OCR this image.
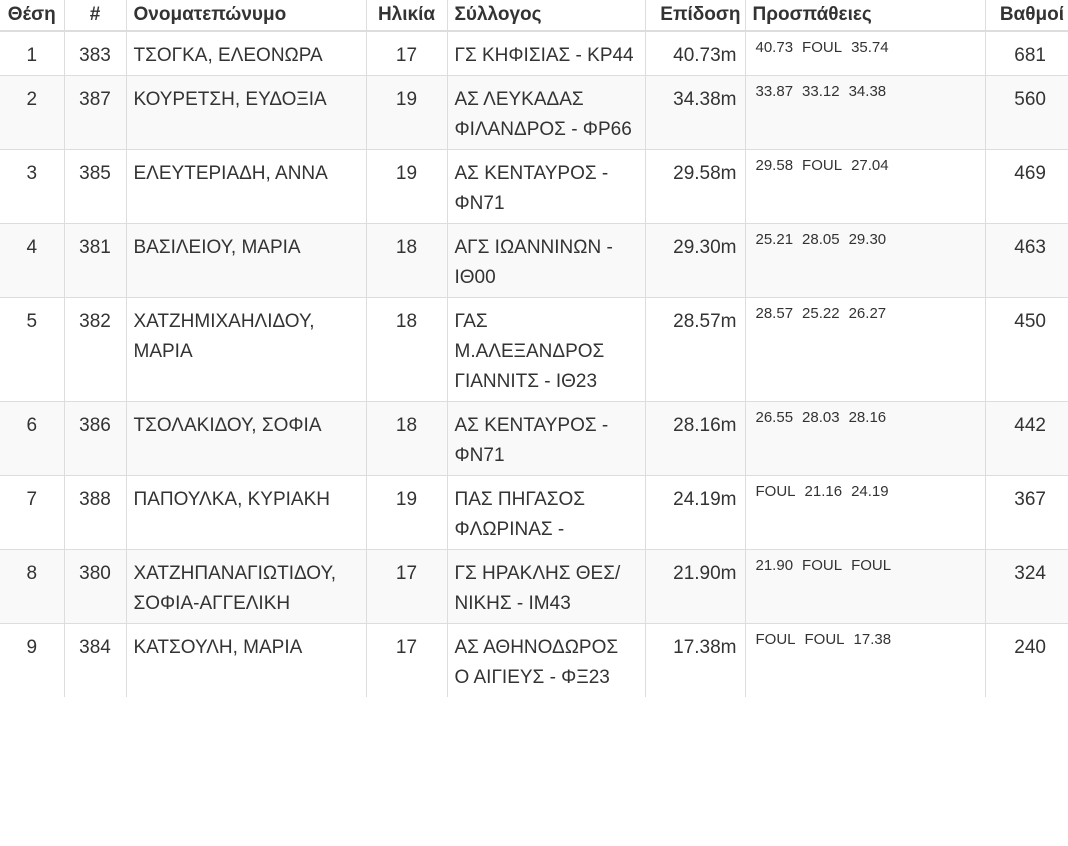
Θέση	#	Ονοματεπώνυμο	Ηλικία	Σύλλογος	Επίδοση	Προσπάθειες	Βαθμοί
1	383	ΤΣΟΓΚΑ, ΕΛΕΟΝΩΡΑ	17	ΓΣ ΚΗΦΙΣΙΑΣ - ΚΡ44	40.73m	40.73 FOUL 35.74	681
2	387	ΚΟΥΡΕΤΣΗ, ΕΥΔΟΞΙΑ	19	ΑΣ ΛΕΥΚΑΔΑΣ ΦΙΛΑΝΔΡΟΣ - ΦΡ66	34.38m	33.87 33.12 34.38	560
3	385	ΕΛΕΥΤΕΡΙΑΔΗ, ΑΝΝΑ	19	ΑΣ ΚΕΝΤΑΥΡΟΣ - ΦΝ71	29.58m	29.58 FOUL 27.04	469
4	381	ΒΑΣΙΛΕΙΟΥ, ΜΑΡΙΑ	18	ΑΓΣ ΙΩΑΝΝΙΝΩΝ - ΙΘ00	29.30m	25.21 28.05 29.30	463
5	382	ΧΑΤΖΗΜΙΧΑΗΛΙΔΟΥ, ΜΑΡΙΑ	18	ΓΑΣ Μ.ΑΛΕΞΑΝΔΡΟΣ ΓΙΑΝΝΙΤΣ - ΙΘ23	28.57m	28.57 25.22 26.27	450
6	386	ΤΣΟΛΑΚΙΔΟΥ, ΣΟΦΙΑ	18	ΑΣ ΚΕΝΤΑΥΡΟΣ - ΦΝ71	28.16m	26.55 28.03 28.16	442
7	388	ΠΑΠΟΥΛΚΑ, ΚΥΡΙΑΚΗ	19	ΠΑΣ ΠΗΓΑΣΟΣ ΦΛΩΡΙΝΑΣ -	24.19m	FOUL 21.16 24.19	367
8	380	ΧΑΤΖΗΠΑΝΑΓΙΩΤΙΔΟΥ, ΣΟΦΙΑ-ΑΓΓΕΛΙΚΗ	17	ΓΣ ΗΡΑΚΛΗΣ ΘΕΣ/ΝΙΚΗΣ - ΙΜ43	21.90m	21.90 FOUL FOUL	324
9	384	ΚΑΤΣΟΥΛΗ, ΜΑΡΙΑ	17	ΑΣ ΑΘΗΝΟΔΩΡΟΣ Ο ΑΙΓΙΕΥΣ - ΦΞ23	17.38m	FOUL FOUL 17.38	240
